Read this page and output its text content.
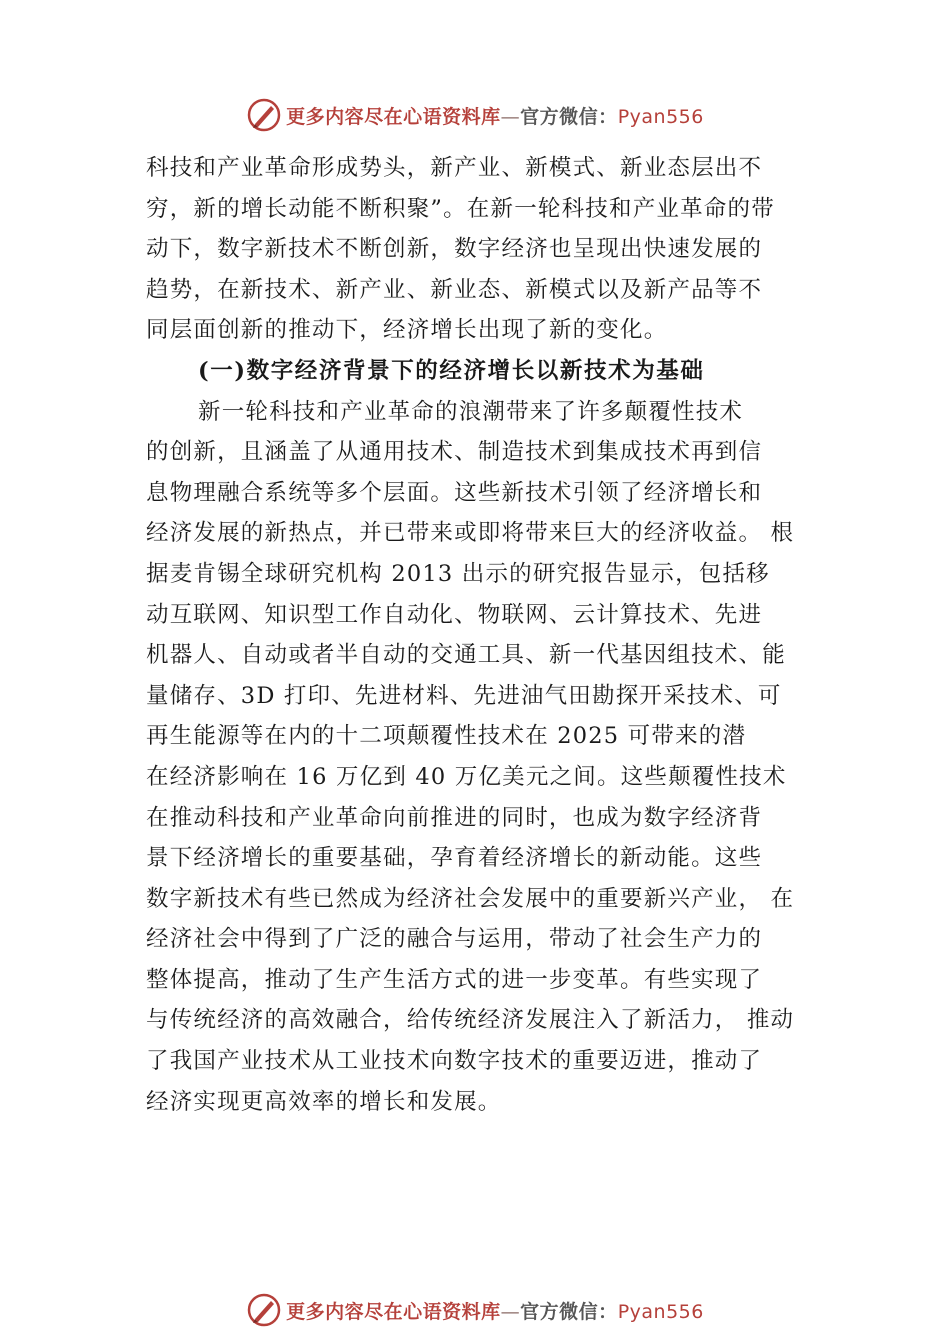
更多内容尽在心语资料库—官方微信：Pyan556
科技和产业革命形成势头，新产业、新模式、新业态层出不
穷，新的增长动能不断积聚”。在新一轮科技和产业革命的带
动下，数字新技术不断创新，数字经济也呈现出快速发展的
趋势，在新技术、新产业、新业态、新模式以及新产品等不
同层面创新的推动下，经济增长出现了新的变化。
(一)数字经济背景下的经济增长以新技术为基础
新一轮科技和产业革命的浪潮带来了许多颠覆性技术
的创新，且涵盖了从通用技术、制造技术到集成技术再到信
息物理融合系统等多个层面。这些新技术引领了经济增长和
经济发展的新热点，并已带来或即将带来巨大的经济收益。 根
据麦肯锡全球研究机构 2013 出示的研究报告显示，包括移
动互联网、知识型工作自动化、物联网、云计算技术、先进
机器人、自动或者半自动的交通工具、新一代基因组技术、能
量储存、3D 打印、先进材料、先进油气田勘探开采技术、可
再生能源等在内的十二项颠覆性技术在 2025 可带来的潜
在经济影响在 16 万亿到 40 万亿美元之间。这些颠覆性技术
在推动科技和产业革命向前推进的同时，也成为数字经济背
景下经济增长的重要基础，孕育着经济增长的新动能。这些
数字新技术有些已然成为经济社会发展中的重要新兴产业， 在
经济社会中得到了广泛的融合与运用，带动了社会生产力的
整体提高，推动了生产生活方式的进一步变革。有些实现了
与传统经济的高效融合，给传统经济发展注入了新活力， 推动
了我国产业技术从工业技术向数字技术的重要迈进，推动了
经济实现更高效率的增长和发展。
更多内容尽在心语资料库—官方微信：Pyan556
